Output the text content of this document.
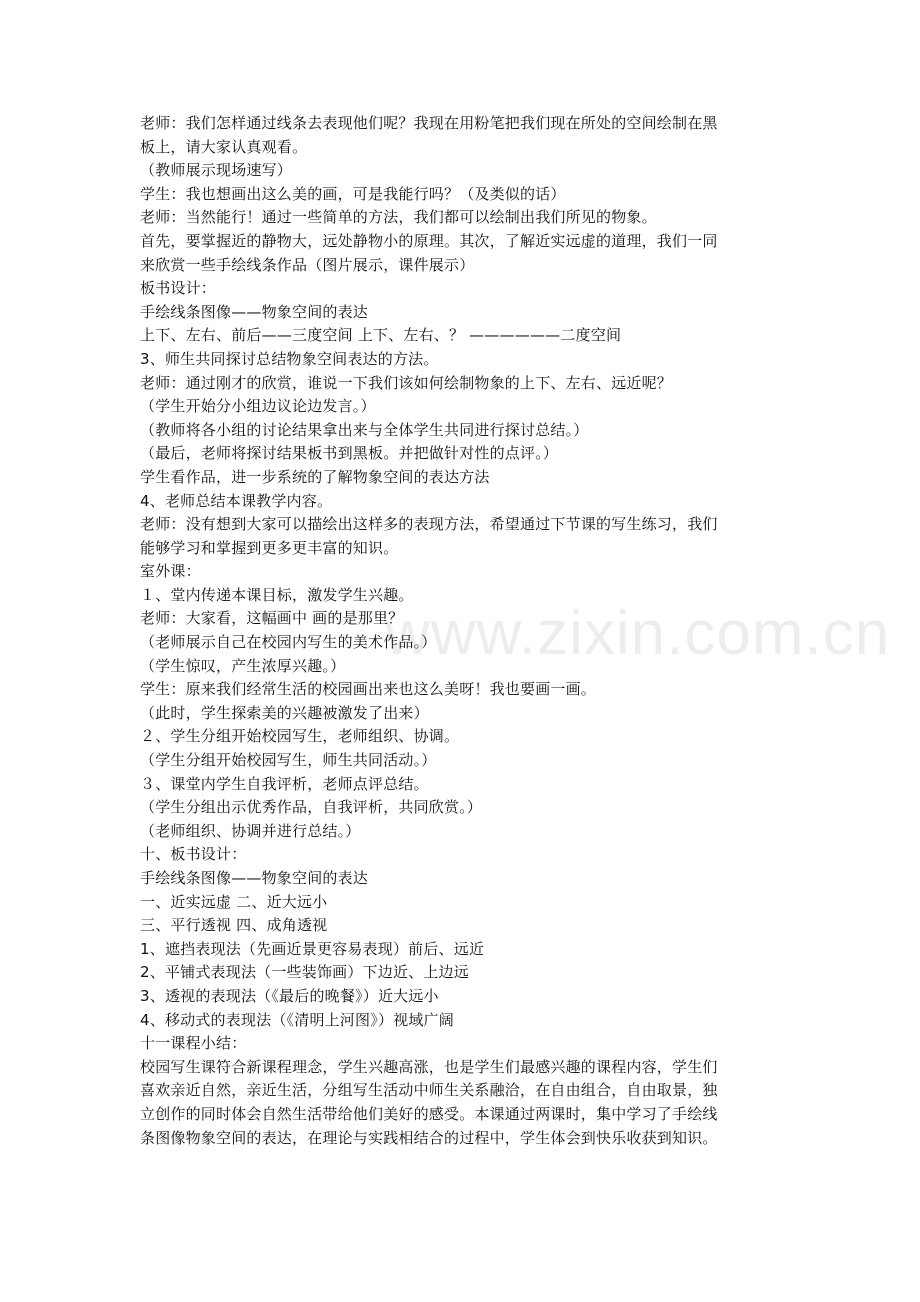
www.zixin.com.cn
老师：我们怎样通过线条去表现他们呢？我现在用粉笔把我们现在所处的空间绘制在黑
板上，请大家认真观看。
（教师展示现场速写）
学生：我也想画出这么美的画，可是我能行吗？（及类似的话）
老师：当然能行！通过一些简单的方法，我们都可以绘制出我们所见的物象。
首先，要掌握近的静物大，远处静物小的原理。其次，了解近实远虚的道理，我们一同
来欣赏一些手绘线条作品（图片展示，课件展示）
板书设计：
手绘线条图像——物象空间的表达
上下、左右、前后——三度空间 上下、左右、？ ——————二度空间
3、师生共同探讨总结物象空间表达的方法。
老师：通过刚才的欣赏，谁说一下我们该如何绘制物象的上下、左右、远近呢？
（学生开始分小组边议论边发言。）
（教师将各小组的讨论结果拿出来与全体学生共同进行探讨总结。）
（最后，老师将探讨结果板书到黑板。并把做针对性的点评。）
学生看作品，进一步系统的了解物象空间的表达方法
4、老师总结本课教学内容。
老师：没有想到大家可以描绘出这样多的表现方法，希望通过下节课的写生练习，我们
能够学习和掌握到更多更丰富的知识。
室外课：
１、堂内传递本课目标，激发学生兴趣。
老师：大家看，这幅画中 画的是那里？
（老师展示自己在校园内写生的美术作品。）
（学生惊叹，产生浓厚兴趣。）
学生：原来我们经常生活的校园画出来也这么美呀！我也要画一画。
（此时，学生探索美的兴趣被激发了出来）
２、学生分组开始校园写生，老师组织、协调。
（学生分组开始校园写生，师生共同活动。）
３、课堂内学生自我评析，老师点评总结。
（学生分组出示优秀作品，自我评析，共同欣赏。）
（老师组织、协调并进行总结。）
十、板书设计：
手绘线条图像——物象空间的表达
一、近实远虚 二、近大远小
三、平行透视 四、成角透视
1、遮挡表现法（先画近景更容易表现）前后、远近
2、平铺式表现法（一些装饰画）下边近、上边远
3、透视的表现法（《最后的晚餐》）近大远小
4、移动式的表现法（《清明上河图》）视域广阔
十一课程小结：
校园写生课符合新课程理念，学生兴趣高涨，也是学生们最感兴趣的课程内容，学生们
喜欢亲近自然，亲近生活，分组写生活动中师生关系融洽，在自由组合，自由取景，独
立创作的同时体会自然生活带给他们美好的感受。本课通过两课时，集中学习了手绘线
条图像物象空间的表达，在理论与实践相结合的过程中，学生体会到快乐收获到知识。
